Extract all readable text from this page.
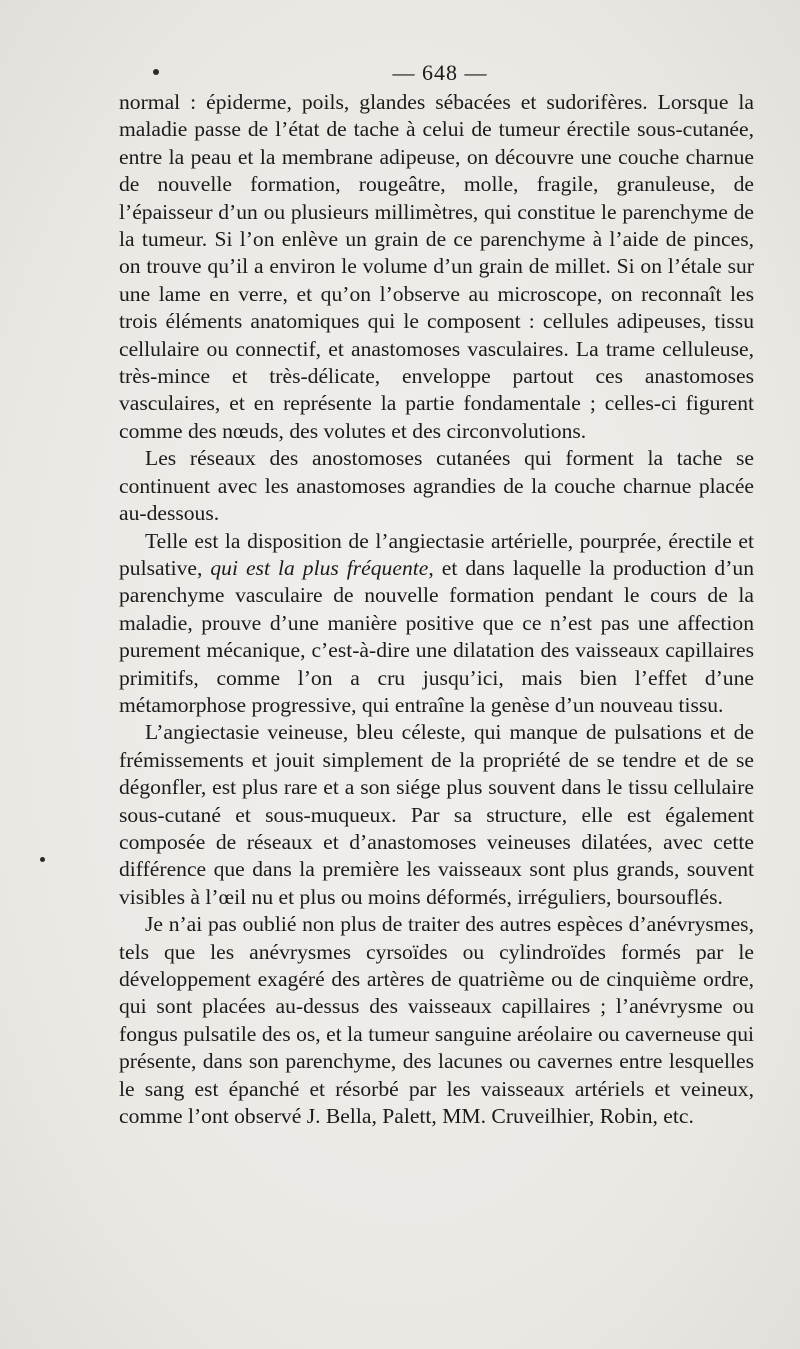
— 648 —

normal : épiderme, poils, glandes sébacées et sudorifères. Lorsque la maladie passe de l’état de tache à celui de tumeur érectile sous-cutanée, entre la peau et la membrane adipeuse, on découvre une couche charnue de nouvelle formation, rougeâtre, molle, fragile, granuleuse, de l’épaisseur d’un ou plusieurs millimètres, qui constitue le parenchyme de la tumeur. Si l’on enlève un grain de ce parenchyme à l’aide de pinces, on trouve qu’il a environ le volume d’un grain de millet. Si on l’étale sur une lame en verre, et qu’on l’observe au microscope, on reconnaît les trois éléments anatomiques qui le composent : cellules adipeuses, tissu cellulaire ou connectif, et anastomoses vasculaires. La trame celluleuse, très-mince et très-délicate, enveloppe partout ces anastomoses vasculaires, et en représente la partie fondamentale ; celles-ci figurent comme des nœuds, des volutes et des circonvolutions.

Les réseaux des anostomoses cutanées qui forment la tache se continuent avec les anastomoses agrandies de la couche charnue placée au-dessous.

Telle est la disposition de l’angiectasie artérielle, pourprée, érectile et pulsative, qui est la plus fréquente, et dans laquelle la production d’un parenchyme vasculaire de nouvelle formation pendant le cours de la maladie, prouve d’une manière positive que ce n’est pas une affection purement mécanique, c’est-à-dire une dilatation des vaisseaux capillaires primitifs, comme l’on a cru jusqu’ici, mais bien l’effet d’une métamorphose progressive, qui entraîne la genèse d’un nouveau tissu.

L’angiectasie veineuse, bleu céleste, qui manque de pulsations et de frémissements et jouit simplement de la propriété de se tendre et de se dégonfler, est plus rare et a son siége plus souvent dans le tissu cellulaire sous-cutané et sous-muqueux. Par sa structure, elle est également composée de réseaux et d’anastomoses veineuses dilatées, avec cette différence que dans la première les vaisseaux sont plus grands, souvent visibles à l’œil nu et plus ou moins déformés, irréguliers, boursouflés.

Je n’ai pas oublié non plus de traiter des autres espèces d’anévrysmes, tels que les anévrysmes cyrsoïdes ou cylindroïdes formés par le développement exagéré des artères de quatrième ou de cinquième ordre, qui sont placées au-dessus des vaisseaux capillaires ; l’anévrysme ou fongus pulsatile des os, et la tumeur sanguine aréolaire ou caverneuse qui présente, dans son parenchyme, des lacunes ou cavernes entre lesquelles le sang est épanché et résorbé par les vaisseaux artériels et veineux, comme l’ont observé J. Bella, Palett, MM. Cruveilhier, Robin, etc.
